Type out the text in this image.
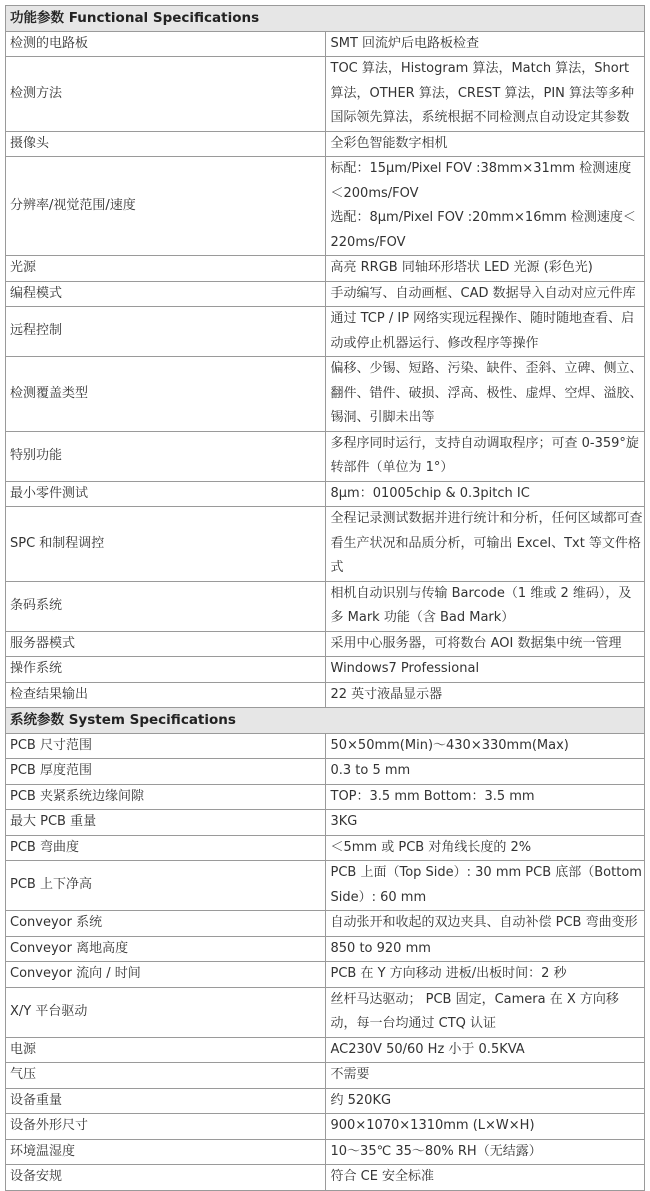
功能参数 Functional Specifications	
检测的电路板	SMT 回流炉后电路板检查

检测方法	TOC 算法，Histogram 算法，Match 算法，Short 算法，OTHER 算法，CREST 算法，PIN 算法等多种国际领先算法，系统根据不同检测点自动设定其参数

摄像头	全彩色智能数字相机

分辨率/视觉范围/速度	标配：15μm/Pixel FOV :38mm×31mm 检测速度＜200ms/FOV
选配：8μm/Pixel FOV :20mm×16mm 检测速度＜220ms/FOV

光源	高亮 RRGB 同轴环形塔状 LED 光源 (彩色光)

编程模式	手动编写、自动画框、CAD 数据导入自动对应元件库

远程控制	通过 TCP / IP 网络实现远程操作、随时随地查看、启动或停止机器运行、修改程序等操作

检测覆盖类型	偏移、少锡、短路、污染、缺件、歪斜、立碑、侧立、翻件、错件、破损、浮高、极性、虚焊、空焊、溢胶、锡洞、引脚未出等

特别功能	多程序同时运行，支持自动调取程序；可查 0-359°旋转部件（单位为 1°）

最小零件测试	8μm：01005chip & 0.3pitch IC

SPC 和制程调控	全程记录测试数据并进行统计和分析，任何区域都可查看生产状况和品质分析，可输出 Excel、Txt 等文件格式

条码系统	相机自动识别与传输 Barcode（1 维或 2 维码），及多 Mark 功能（含 Bad Mark）

服务器模式	采用中心服务器，可将数台 AOI 数据集中统一管理

操作系统	Windows7 Professional

检查结果输出	22 英寸液晶显示器

系统参数 System Specifications	
PCB 尺寸范围	50×50mm(Min)～430×330mm(Max)

PCB 厚度范围	0.3 to 5 mm

PCB 夹紧系统边缘间隙	TOP：3.5 mm Bottom：3.5 mm

最大 PCB 重量	3KG

PCB 弯曲度	＜5mm 或 PCB 对角线长度的 2%

PCB 上下净高	PCB 上面（Top Side）: 30 mm PCB 底部（Bottom Side）: 60 mm

Conveyor 系统	自动张开和收起的双边夹具、自动补偿 PCB 弯曲变形

Conveyor 离地高度	850 to 920 mm

Conveyor 流向 / 时间	PCB 在 Y 方向移动 进板/出板时间：2 秒

X/Y 平台驱动	丝杆马达驱动； PCB 固定，Camera 在 X 方向移动，每一台均通过 CTQ 认证

电源	AC230V 50/60 Hz 小于 0.5KVA

气压	不需要

设备重量	约 520KG

设备外形尺寸	900×1070×1310mm (L×W×H)

环境温湿度	10～35℃ 35～80% RH（无结露）

设备安规	符合 CE 安全标准
